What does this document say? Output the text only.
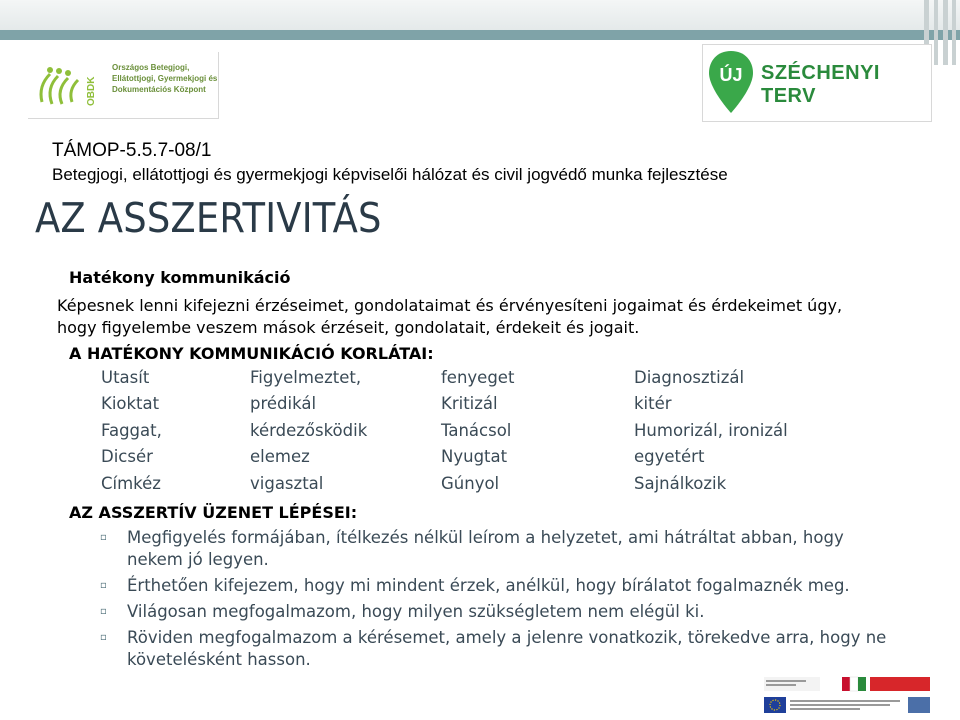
OBDK
Országos Betegjogi,
Ellátottjogi, Gyermekjogi és
Dokumentációs Központ
ÚJ SZÉCHENYI TERV
TÁMOP-5.5.7-08/1
Betegjogi, ellátottjogi és gyermekjogi képviselői hálózat és civil jogvédő munka fejlesztése
AZ ASSZERTIVITÁS
Hatékony kommunikáció
Képesnek lenni kifejezni érzéseimet, gondolataimat és érvényesíteni jogaimat és érdekeimet úgy, hogy figyelembe veszem mások érzéseit, gondolatait, érdekeit és jogait.
A HATÉKONY KOMMUNIKÁCIÓ KORLÁTAI:
Utasít	Figyelmeztet,	fenyeget	Diagnosztizál
Kioktat	prédikál	Kritizál	kitér
Faggat,	kérdezősködik	Tanácsol	Humorizál, ironizál
Dicsér	elemez	Nyugtat	egyetért
Címkéz	vigasztal	Gúnyol	Sajnálkozik
AZ ASSZERTÍV ÜZENET LÉPÉSEI:
▫ Megfigyelés formájában, ítélkezés nélkül leírom a helyzetet, ami hátráltat abban, hogy nekem jó legyen.
▫ Érthetően kifejezem, hogy mi mindent érzek, anélkül, hogy bírálatot fogalmaznék meg.
▫ Világosan megfogalmazom, hogy milyen szükségletem nem elégül ki.
▫ Röviden megfogalmazom a kérésemet, amely a jelenre vonatkozik, törekedve arra, hogy ne követelésként hasson.
